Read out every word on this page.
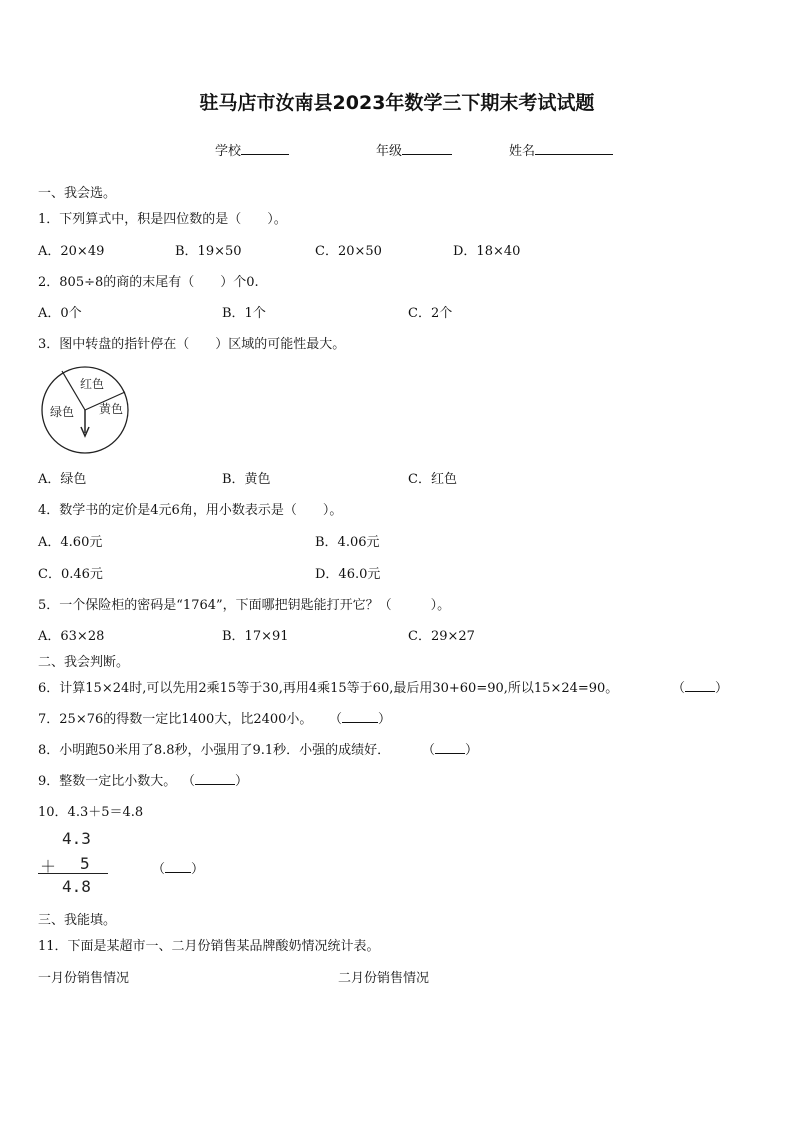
驻马店市汝南县2023年数学三下期末考试试题
学校	年级	姓名
一、我会选。
1．下列算式中，积是四位数的是（　　）。
A．20×49	B．19×50	C．20×50	D．18×40
2．805÷8的商的末尾有（　　）个0.
A．0个	B．1个	C．2个
3．图中转盘的指针停在（　　）区域的可能性最大。
红色
黄色
绿色
A．绿色	B．黄色	C．红色
4．数学书的定价是4元6角，用小数表示是（　　）。
A．4.60元	B．4.06元
C．0.46元	D．46.0元
5．一个保险柜的密码是“1764”，下面哪把钥匙能打开它？（　　　）。
A．63×28	B．17×91	C．29×27
二、我会判断。
6．计算15×24时,可以先用2乘15等于30,再用4乘15等于60,最后用30+60=90,所以15×24=90。	（ ）
7．25×76的得数一定比1400大，比2400小。 （	）
8．小明跑50米用了8.8秒，小强用了9.1秒．小强的成绩好． （ ）
9．整数一定比小数大。 （	）
10．4.3＋5＝4.8
4.3
＋ 5
4.8
（ ）
三、我能填。
11．下面是某超市一、二月份销售某品牌酸奶情况统计表。
一月份销售情况	二月份销售情况
